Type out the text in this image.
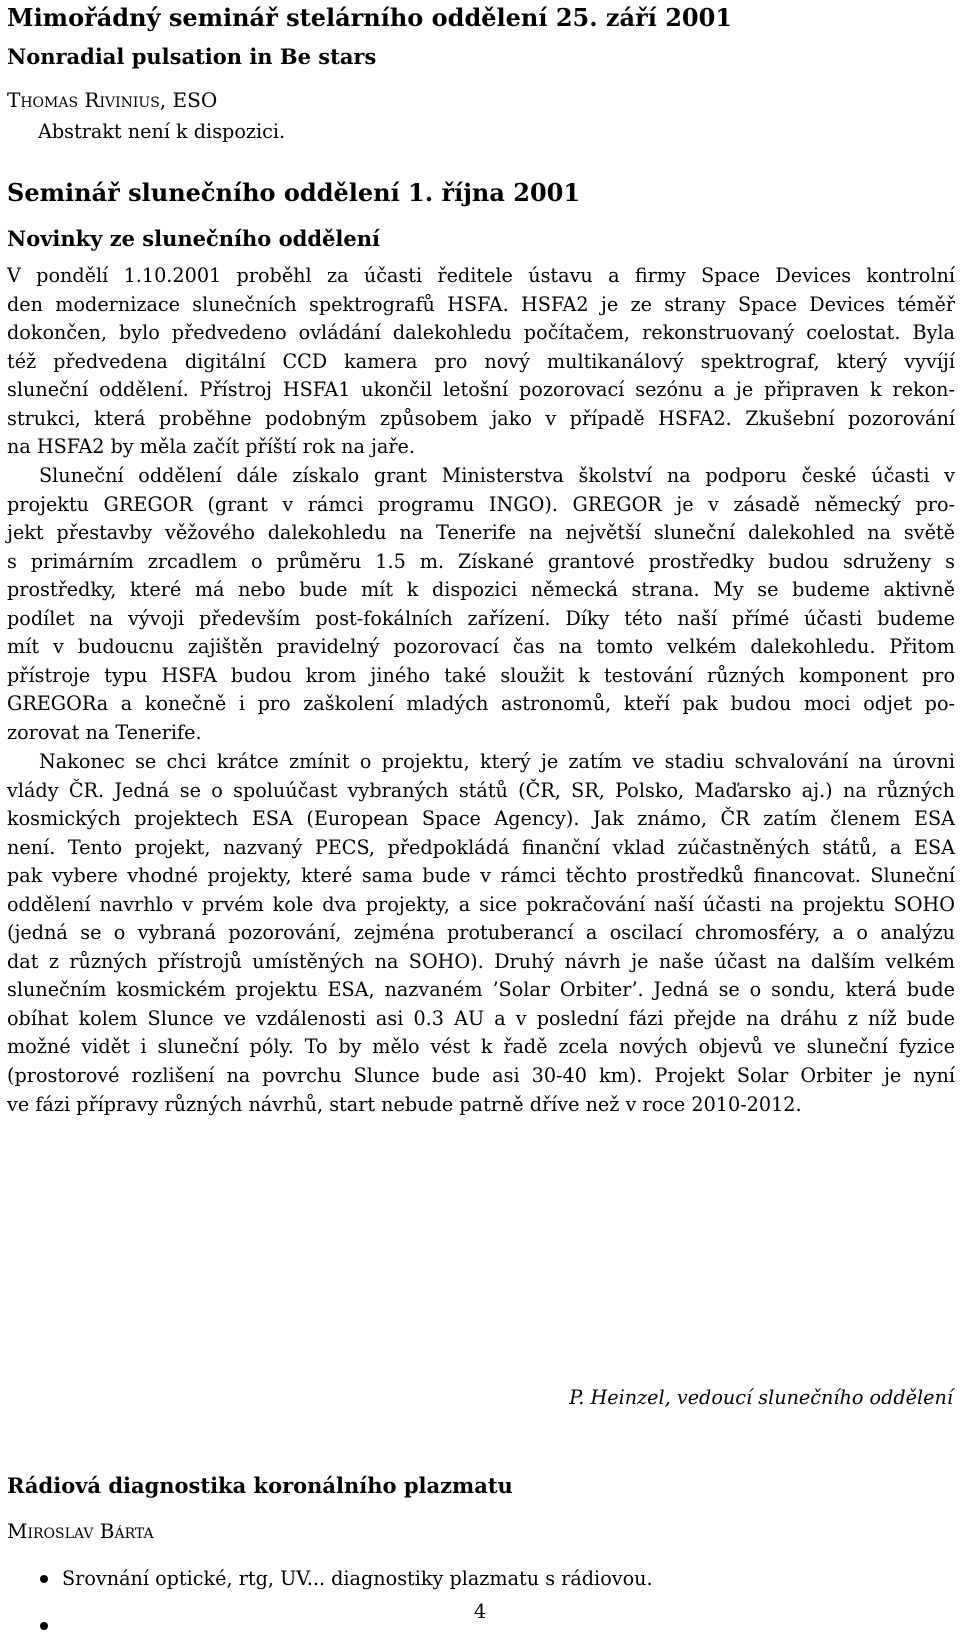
Mimořádný seminář stelárního oddělení 25. září 2001
Nonradial pulsation in Be stars
Thomas Rivinius, ESO
Abstrakt není k dispozici.
Seminář slunečního oddělení 1. října 2001
Novinky ze slunečního oddělení
V pondělí 1.10.2001 proběhl za účasti ředitele ústavu a firmy Space Devices kontrolní
den modernizace slunečních spektrografů HSFA. HSFA2 je ze strany Space Devices téměř
dokončen, bylo předvedeno ovládání dalekohledu počítačem, rekonstruovaný coelostat. Byla
též předvedena digitální CCD kamera pro nový multikanálový spektrograf, který vyvíjí
sluneční oddělení. Přístroj HSFA1 ukončil letošní pozorovací sezónu a je připraven k rekon-
strukci, která proběhne podobným způsobem jako v případě HSFA2. Zkušební pozorování
na HSFA2 by měla začít příští rok na jaře.
Sluneční oddělení dále získalo grant Ministerstva školství na podporu české účasti v
projektu GREGOR (grant v rámci programu INGO). GREGOR je v zásadě německý pro-
jekt přestavby věžového dalekohledu na Tenerife na největší sluneční dalekohled na světě
s primárním zrcadlem o průměru 1.5 m. Získané grantové prostředky budou sdruženy s
prostředky, které má nebo bude mít k dispozici německá strana. My se budeme aktivně
podílet na vývoji především post-fokálních zařízení. Díky této naší přímé účasti budeme
mít v budoucnu zajištěn pravidelný pozorovací čas na tomto velkém dalekohledu. Přitom
přístroje typu HSFA budou krom jiného také sloužit k testování různých komponent pro
GREGORa a konečně i pro zaškolení mladých astronomů, kteří pak budou moci odjet po-
zorovat na Tenerife.
Nakonec se chci krátce zmínit o projektu, který je zatím ve stadiu schvalování na úrovni
vlády ČR. Jedná se o spoluúčast vybraných států (ČR, SR, Polsko, Maďarsko aj.) na různých
kosmických projektech ESA (European Space Agency). Jak známo, ČR zatím členem ESA
není. Tento projekt, nazvaný PECS, předpokládá finanční vklad zúčastněných států, a ESA
pak vybere vhodné projekty, které sama bude v rámci těchto prostředků financovat. Sluneční
oddělení navrhlo v prvém kole dva projekty, a sice pokračování naší účasti na projektu SOHO
(jedná se o vybraná pozorování, zejména protuberancí a oscilací chromosféry, a o analýzu
dat z různých přístrojů umístěných na SOHO). Druhý návrh je naše účast na dalším velkém
slunečním kosmickém projektu ESA, nazvaném ’Solar Orbiter’. Jedná se o sondu, která bude
obíhat kolem Slunce ve vzdálenosti asi 0.3 AU a v poslední fázi přejde na dráhu z níž bude
možné vidět i sluneční póly. To by mělo vést k řadě zcela nových objevů ve sluneční fyzice
(prostorové rozlišení na povrchu Slunce bude asi 30-40 km). Projekt Solar Orbiter je nyní
ve fázi přípravy různých návrhů, start nebude patrně dříve než v roce 2010-2012.
P. Heinzel, vedoucí slunečního oddělení
Rádiová diagnostika koronálního plazmatu
Miroslav Bárta
Srovnání optické, rtg, UV... diagnostiky plazmatu s rádiovou.
4
